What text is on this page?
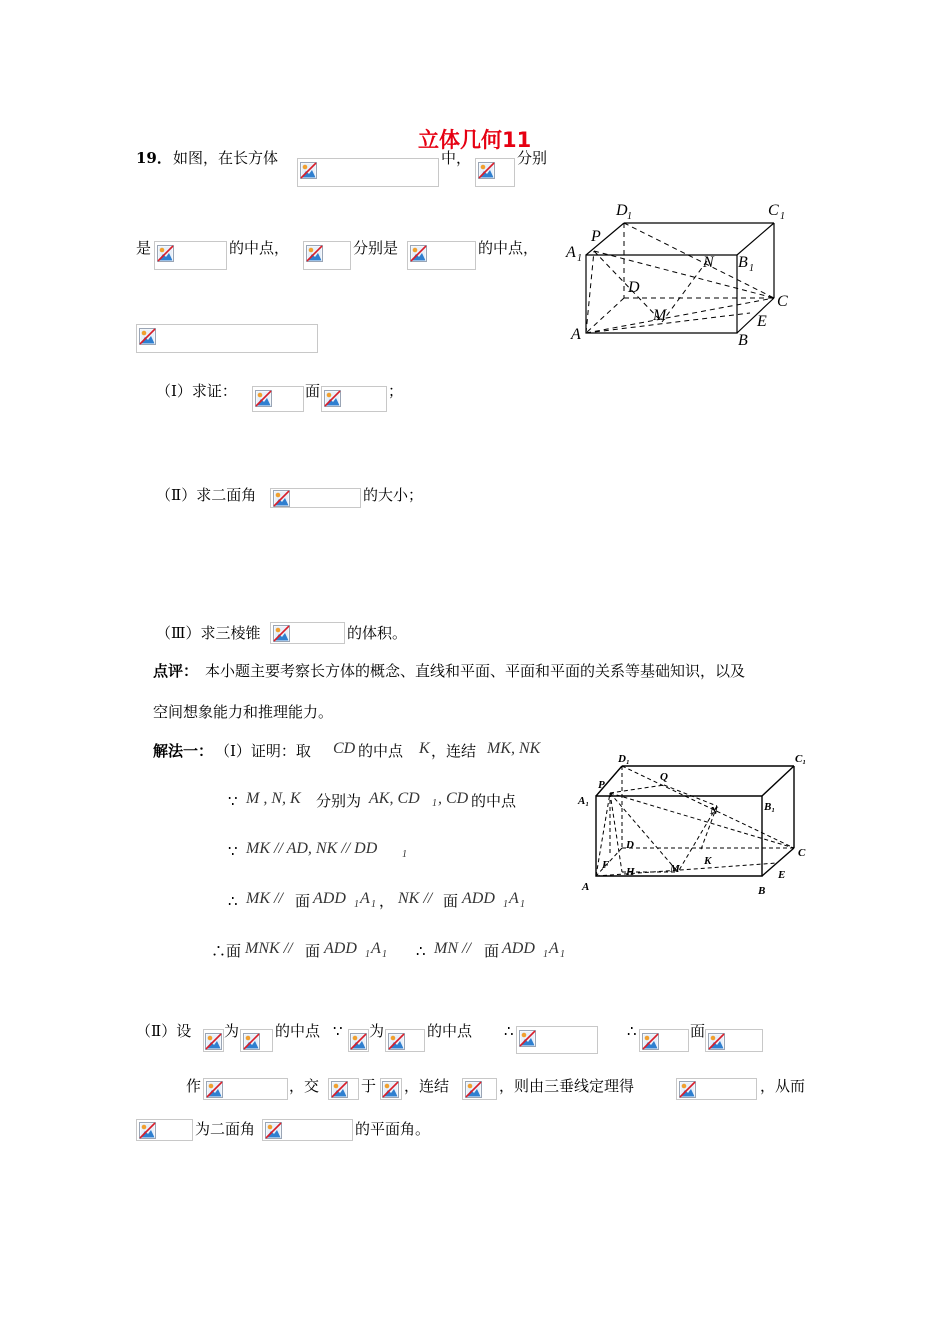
立体几何11
19． 如图，在长方体	中，	分别
是	的中点，	分别是	的中点，
（Ⅰ）求证：	面	；
（Ⅱ）求二面角	的大小；
（Ⅲ）求三棱锥	的体积。
点评： 本小题主要考察长方体的概念、直线和平面、平面和平面的关系等基础知识，以及
空间想象能力和推理能力。
解法一： （Ⅰ）证明：取 CD 的中点 K ，连结 MK, NK
∵ M , N, K 分别为 AK, CD 1 , CD 的中点
∵ MK // AD, NK // DD 1
∴ MK // 面 ADD 1 A 1 ， NK // 面 ADD 1 A 1
∴面 MNK // 面 ADD 1 A 1 ∴ MN // 面 ADD 1 A 1
（Ⅱ）设 为 的中点 ∵ 为	的中点 ∴	∴	面
作	，交	于 ，连结	，则由三垂线定理得	，从而
为二面角	的平面角。
D 1	C 1
P
A 1	N B 1
D
C
M	E
A	B
D₁	C₁
P
Q
A₁
N	B₁
D
C
F
H	M
K
E
A	B
